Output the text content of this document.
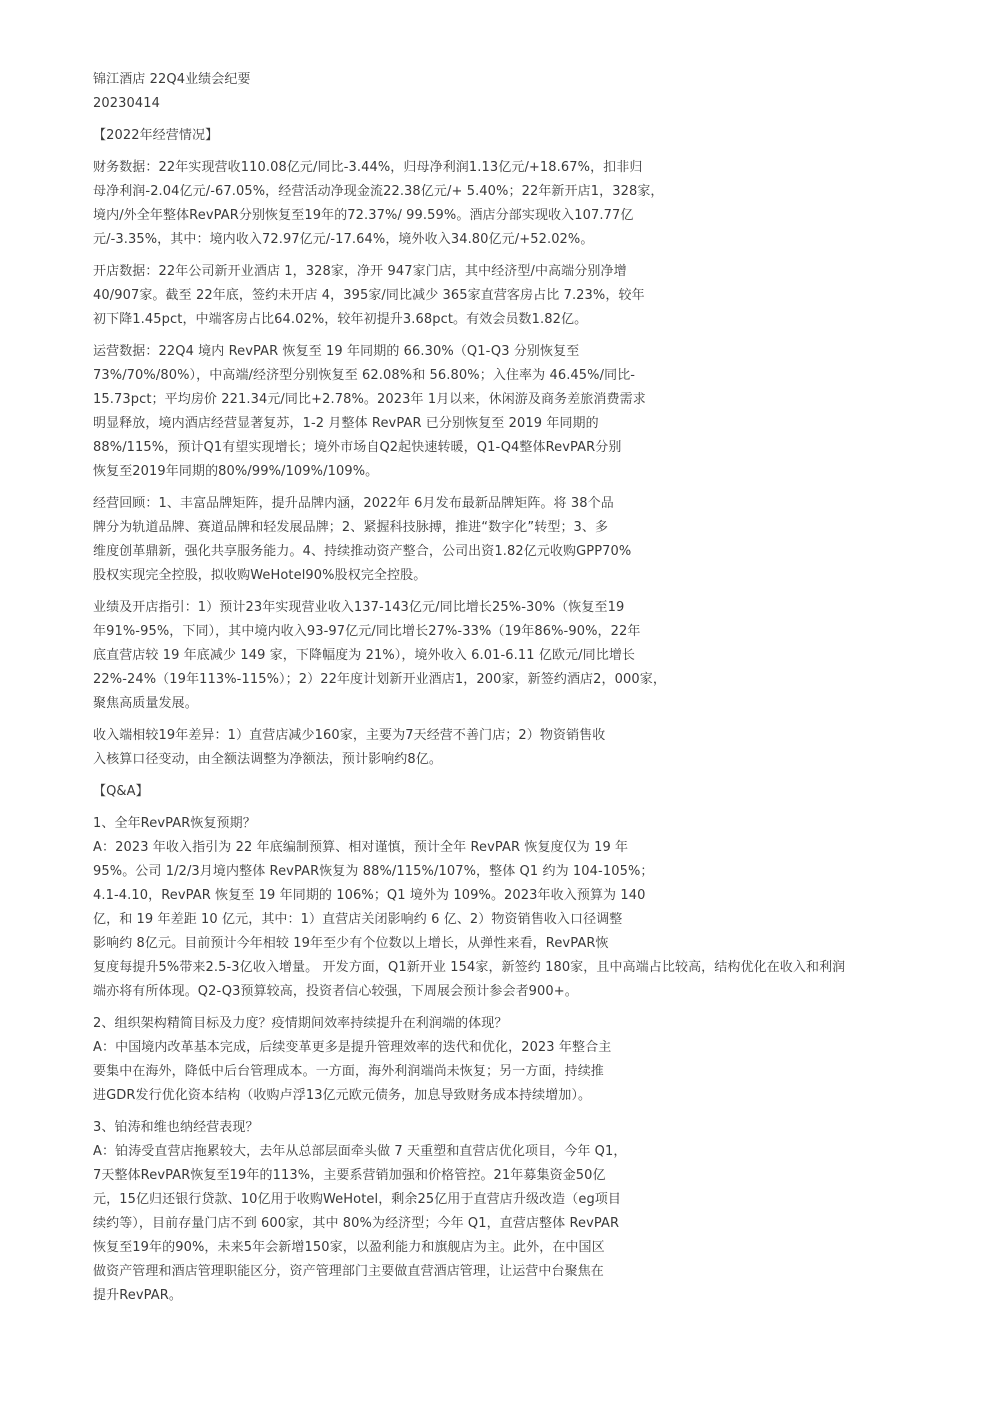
锦江酒店 22Q4业绩会纪要
20230414
【2022年经营情况】
财务数据：22年实现营收110.08亿元/同比-3.44%，归母净利润1.13亿元/+18.67%，扣非归
母净利润-2.04亿元/-67.05%，经营活动净现金流22.38亿元/+ 5.40%；22年新开店1，328家，
境内/外全年整体RevPAR分别恢复至19年的72.37%/ 99.59%。酒店分部实现收入107.77亿
元/-3.35%，其中：境内收入72.97亿元/-17.64%，境外收入34.80亿元/+52.02%。
开店数据：22年公司新开业酒店 1，328家，净开 947家门店，其中经济型/中高端分别净增
40/907家。截至 22年底，签约未开店 4，395家/同比减少 365家直营客房占比 7.23%，较年
初下降1.45pct，中端客房占比64.02%，较年初提升3.68pct。有效会员数1.82亿。
运营数据：22Q4 境内 RevPAR 恢复至 19 年同期的 66.30%（Q1-Q3 分别恢复至
73%/70%/80%），中高端/经济型分别恢复至 62.08%和 56.80%；入住率为 46.45%/同比-
15.73pct；平均房价 221.34元/同比+2.78%。2023年 1月以来，休闲游及商务差旅消费需求
明显释放，境内酒店经营显著复苏，1-2 月整体 RevPAR 已分别恢复至 2019 年同期的
88%/115%，预计Q1有望实现增长；境外市场自Q2起快速转暖，Q1-Q4整体RevPAR分别
恢复至2019年同期的80%/99%/109%/109%。
经营回顾：1、丰富品牌矩阵，提升品牌内涵，2022年 6月发布最新品牌矩阵。将 38个品
牌分为轨道品牌、赛道品牌和轻发展品牌；2、紧握科技脉搏，推进“数字化”转型；3、多
维度创革鼎新，强化共享服务能力。4、持续推动资产整合，公司出资1.82亿元收购GPP70%
股权实现完全控股，拟收购WeHotel90%股权完全控股。
业绩及开店指引：1）预计23年实现营业收入137-143亿元/同比增长25%-30%（恢复至19
年91%-95%，下同），其中境内收入93-97亿元/同比增长27%-33%（19年86%-90%，22年
底直营店较 19 年底减少 149 家，下降幅度为 21%），境外收入 6.01-6.11 亿欧元/同比增长
22%-24%（19年113%-115%）；2）22年度计划新开业酒店1，200家，新签约酒店2，000家，
聚焦高质量发展。
收入端相较19年差异：1）直营店减少160家，主要为7天经营不善门店；2）物资销售收
入核算口径变动，由全额法调整为净额法，预计影响约8亿。
【Q&A】
1、全年RevPAR恢复预期？
A：2023 年收入指引为 22 年底编制预算、相对谨慎，预计全年 RevPAR 恢复度仅为 19 年
95%。公司 1/2/3月境内整体 RevPAR恢复为 88%/115%/107%，整体 Q1 约为 104-105%；
4.1-4.10，RevPAR 恢复至 19 年同期的 106%；Q1 境外为 109%。2023年收入预算为 140
亿，和 19 年差距 10 亿元，其中：1）直营店关闭影响约 6 亿、2）物资销售收入口径调整
影响约 8亿元。目前预计今年相较 19年至少有个位数以上增长，从弹性来看，RevPAR恢
复度每提升5%带来2.5-3亿收入增量。 开发方面，Q1新开业 154家，新签约 180家，且中高端占比较高，结构优化在收入和利润
端亦将有所体现。Q2-Q3预算较高，投资者信心较强，下周展会预计参会者900+。
2、组织架构精简目标及力度？疫情期间效率持续提升在利润端的体现？
A：中国境内改革基本完成，后续变革更多是提升管理效率的迭代和优化，2023 年整合主
要集中在海外，降低中后台管理成本。一方面，海外利润端尚未恢复；另一方面，持续推
进GDR发行优化资本结构（收购卢浮13亿元欧元债务，加息导致财务成本持续增加）。
3、铂涛和维也纳经营表现？
A：铂涛受直营店拖累较大，去年从总部层面牵头做 7 天重塑和直营店优化项目，今年 Q1，
7天整体RevPAR恢复至19年的113%，主要系营销加强和价格管控。21年募集资金50亿
元，15亿归还银行贷款、10亿用于收购WeHotel，剩余25亿用于直营店升级改造（eg项目
续约等），目前存量门店不到 600家，其中 80%为经济型；今年 Q1，直营店整体 RevPAR
恢复至19年的90%，未来5年会新增150家，以盈利能力和旗舰店为主。此外，在中国区
做资产管理和酒店管理职能区分，资产管理部门主要做直营酒店管理，让运营中台聚焦在
提升RevPAR。
